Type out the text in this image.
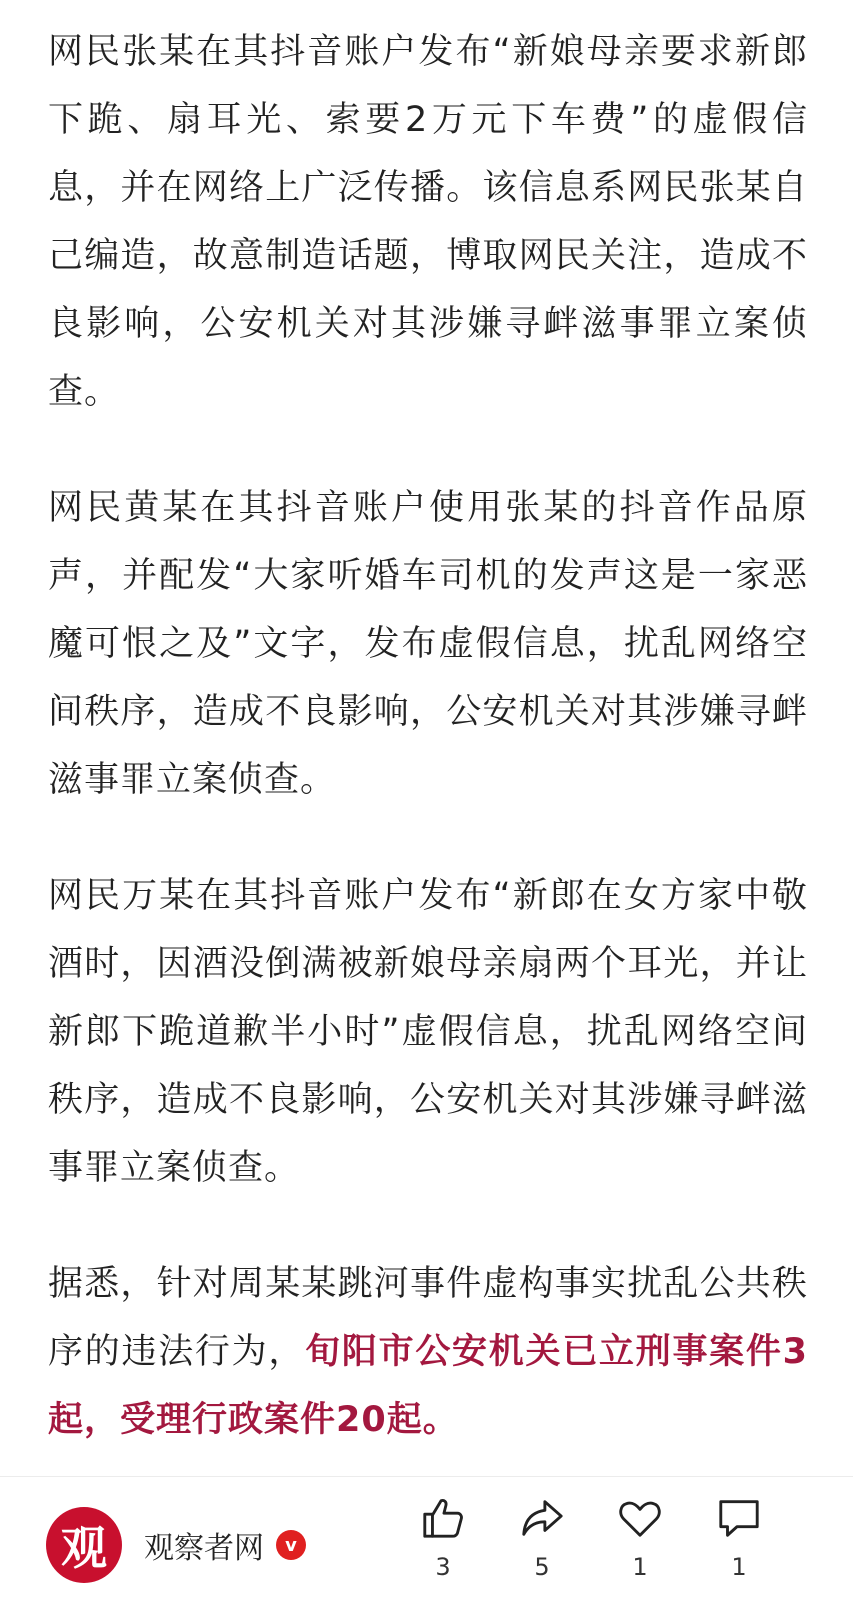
网民张某在其抖音账户发布“新娘母亲要求新郎下跪、扇耳光、索要2万元下车费”的虚假信息，并在网络上广泛传播。该信息系网民张某自己编造，故意制造话题，博取网民关注，造成不良影响，公安机关对其涉嫌寻衅滋事罪立案侦查。

网民黄某在其抖音账户使用张某的抖音作品原声，并配发“大家听婚车司机的发声这是一家恶魔可恨之及”文字，发布虚假信息，扰乱网络空间秩序，造成不良影响，公安机关对其涉嫌寻衅滋事罪立案侦查。

网民万某在其抖音账户发布“新郎在女方家中敬酒时，因酒没倒满被新娘母亲扇两个耳光，并让新郎下跪道歉半小时”虚假信息，扰乱网络空间秩序，造成不良影响，公安机关对其涉嫌寻衅滋事罪立案侦查。

据悉，针对周某某跳河事件虚构事实扰乱公共秩序的违法行为，旬阳市公安机关已立刑事案件3起，受理行政案件20起。

观	观察者网	v
3	5	1	1
